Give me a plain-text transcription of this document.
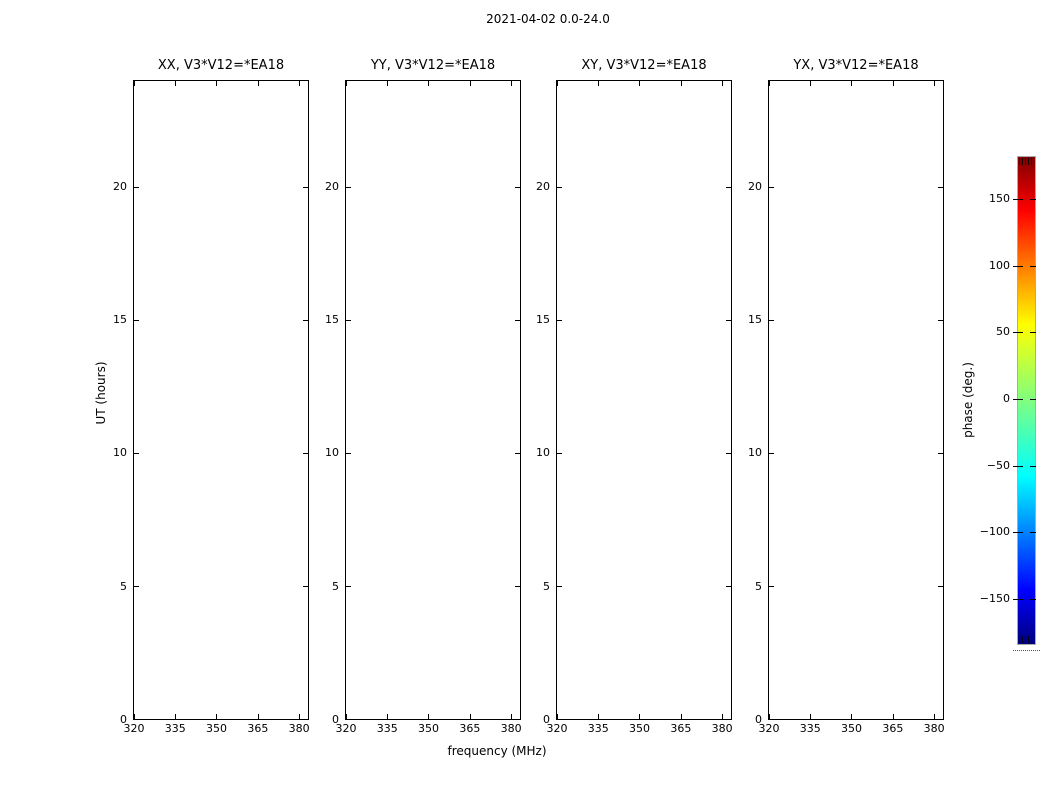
2021-04-02 0.0-24.0
frequency (MHz)
UT (hours)
XX, V3*V12=*EA18
320 335 350 365 380
0
5
10
15
20
YY, V3*V12=*EA18
320 335 350 365 380
0
5
10
15
20
XY, V3*V12=*EA18
320 335 350 365 380
0
5
10
15
20
YX, V3*V12=*EA18
320 335 350 365 380
0
5
10
15
20
150
100
50
0
−50
−100
−150
phase (deg.)
